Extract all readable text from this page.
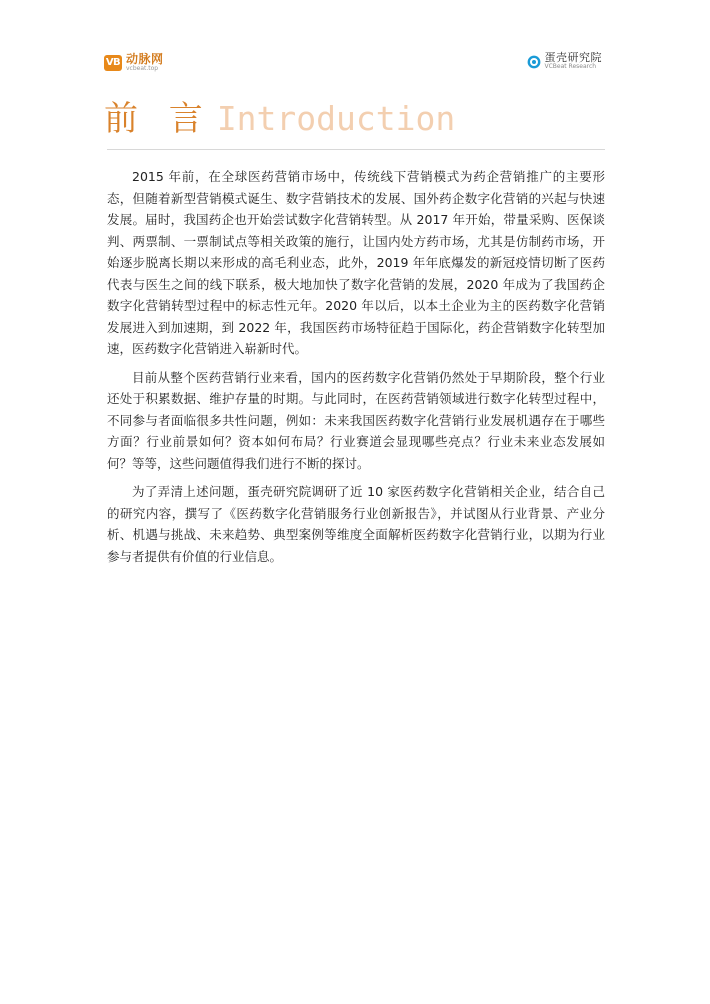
VB 动脉网
vcbeat.top
蛋壳研究院
VCBeat Research
前 言 Introduction

2015 年前，在全球医药营销市场中，传统线下营销模式为药企营销推广的主要形态，但随着新型营销模式诞生、数字营销技术的发展、国外药企数字化营销的兴起与快速发展。届时，我国药企也开始尝试数字化营销转型。从 2017 年开始，带量采购、医保谈判、两票制、一票制试点等相关政策的施行，让国内处方药市场，尤其是仿制药市场，开始逐步脱离长期以来形成的高毛利业态，此外，2019 年年底爆发的新冠疫情切断了医药代表与医生之间的线下联系，极大地加快了数字化营销的发展，2020 年成为了我国药企数字化营销转型过程中的标志性元年。2020 年以后，以本土企业为主的医药数字化营销发展进入到加速期，到 2022 年，我国医药市场特征趋于国际化，药企营销数字化转型加速，医药数字化营销进入崭新时代。

目前从整个医药营销行业来看，国内的医药数字化营销仍然处于早期阶段，整个行业还处于积累数据、维护存量的时期。与此同时，在医药营销领域进行数字化转型过程中，不同参与者面临很多共性问题，例如：未来我国医药数字化营销行业发展机遇存在于哪些方面？行业前景如何？资本如何布局？行业赛道会显现哪些亮点？行业未来业态发展如何？等等，这些问题值得我们进行不断的探讨。

为了弄清上述问题，蛋壳研究院调研了近 10 家医药数字化营销相关企业，结合自己的研究内容，撰写了《医药数字化营销服务行业创新报告》，并试图从行业背景、产业分析、机遇与挑战、未来趋势、典型案例等维度全面解析医药数字化营销行业，以期为行业参与者提供有价值的行业信息。
